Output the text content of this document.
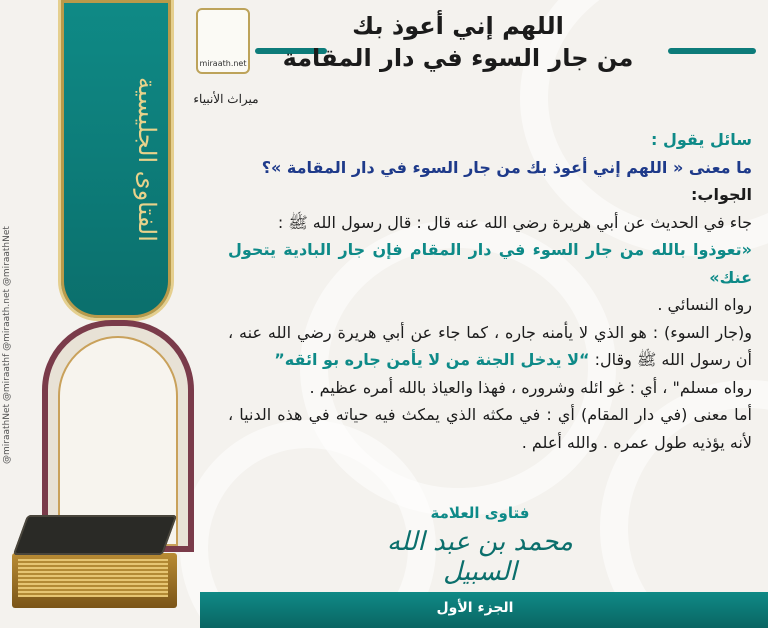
@miraathNet @miraathf @miraath.net @miraathNet
الفتاوى الجليسية
miraath.net
ميراث الأنبياء
اللهم إني أعوذ بك
من جار السوء في دار المقامة

سائل يقول :

ما معنى « اللهم إني أعوذ بك من جار السوء في دار المقامة »؟

الجواب:

جاء في الحديث عن أبي هريرة رضي الله عنه قال : قال رسول الله ﷺ :

«تعوذوا بالله من جار السوء في دار المقام فإن جار البادية يتحول عنك»

رواه النسائي .

و(جار السوء) : هو الذي لا يأمنه جاره ، كما جاء عن أبي هريرة رضي الله عنه ، أن رسول الله ﷺ وقال: “لا يدخل الجنة من لا يأمن جاره بو ائقه”

رواه مسلم" ، أي : غو ائله وشروره ، فهذا والعياذ بالله أمره عظيم .

أما معنى (في دار المقام) أي : في مكثه الذي يمكث فيه حياته في هذه الدنيا ، لأنه يؤذيه طول عمره . والله أعلم .

فتاوى العلامة
محمد بن عبد الله السبيل
الجزء الأول
